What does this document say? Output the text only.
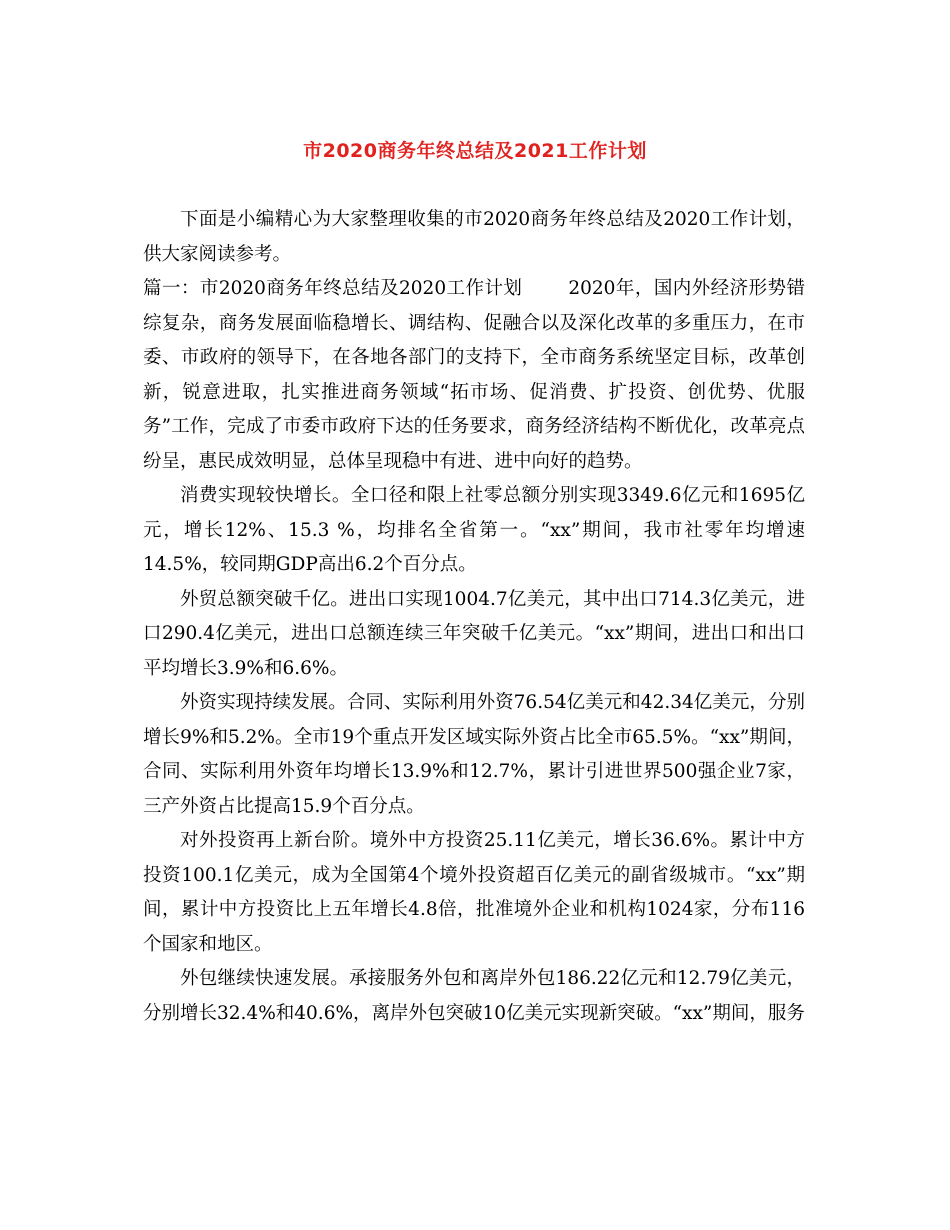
市2020商务年终总结及2021工作计划

下面是小编精心为大家整理收集的市2020商务年终总结及2020工作计划，供大家阅读参考。

篇一：市2020商务年终总结及2020工作计划 2020年，国内外经济形势错综复杂，商务发展面临稳增长、调结构、促融合以及深化改革的多重压力，在市委、市政府的领导下，在各地各部门的支持下，全市商务系统坚定目标，改革创新，锐意进取，扎实推进商务领域“拓市场、促消费、扩投资、创优势、优服务”工作，完成了市委市政府下达的任务要求，商务经济结构不断优化，改革亮点纷呈，惠民成效明显，总体呈现稳中有进、进中向好的趋势。

消费实现较快增长。全口径和限上社零总额分别实现3349.6亿元和1695亿元，增长12%、15.3 %，均排名全省第一。“xx”期间，我市社零年均增速14.5%，较同期GDP高出6.2个百分点。

外贸总额突破千亿。进出口实现1004.7亿美元，其中出口714.3亿美元，进口290.4亿美元，进出口总额连续三年突破千亿美元。“xx”期间，进出口和出口平均增长3.9%和6.6%。

外资实现持续发展。合同、实际利用外资76.54亿美元和42.34亿美元，分别增长9%和5.2%。全市19个重点开发区域实际外资占比全市65.5%。“xx”期间，合同、实际利用外资年均增长13.9%和12.7%，累计引进世界500强企业7家，三产外资占比提高15.9个百分点。

对外投资再上新台阶。境外中方投资25.11亿美元，增长36.6%。累计中方投资100.1亿美元，成为全国第4个境外投资超百亿美元的副省级城市。“xx”期间，累计中方投资比上五年增长4.8倍，批准境外企业和机构1024家，分布116个国家和地区。

外包继续快速发展。承接服务外包和离岸外包186.22亿元和12.79亿美元，分别增长32.4%和40.6%，离岸外包突破10亿美元实现新突破。“xx”期间，服务
